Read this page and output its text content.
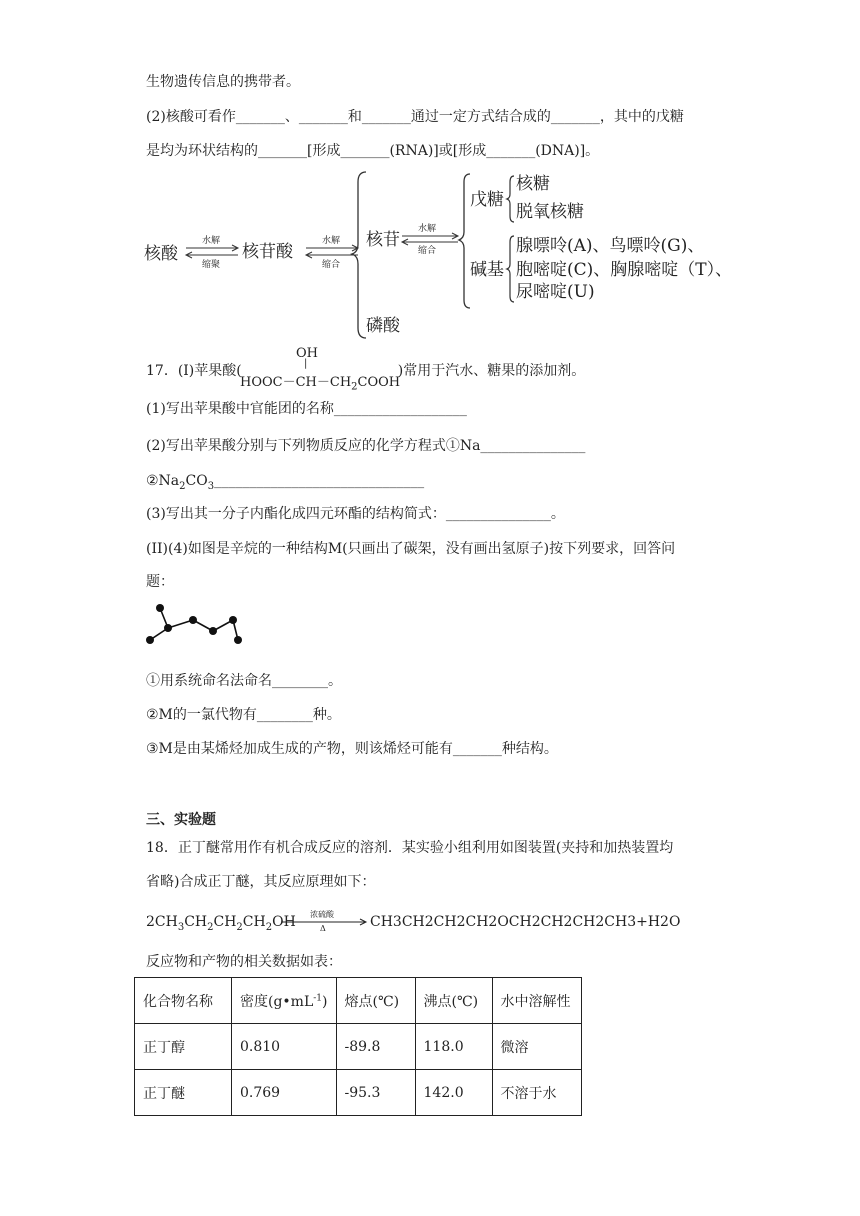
生物遗传信息的携带者。
(2)核酸可看作_______、_______和_______通过一定方式结合成的_______，其中的戊糖
是均为环状结构的_______[形成_______(RNA)]或[形成_______(DNA)]。
核酸
水解
缩聚
核苷酸
水解
缩合
核苷
水解
缩合
磷酸
戊糖
核糖
脱氧核糖
碱基
腺嘌呤(A)、鸟嘌呤(G)、
胞嘧啶(C)、胸腺嘧啶（T）、
尿嘧啶(U)
17．(I)苹果酸(	)常用于汽水、糖果的添加剂。
OH
|
$HOOC-CH-CH_2COOH$
(1)写出苹果酸中官能团的名称___________________
(2)写出苹果酸分别与下列物质反应的化学方程式①Na_______________
$②Na_2CO_3\_\_\_\_\_\_\_\_\_\_\_\_\_\_\_\_\_\_\_\_\_\_\_\_\_\_\_\_\_\_$
(3)写出其一分子内酯化成四元环酯的结构简式：_______________。
(II)(4)如图是辛烷的一种结构M(只画出了碳架，没有画出氢原子)按下列要求，回答问
题：
①用系统命名法命名________。
②M的一氯代物有________种。
③M是由某烯烃加成生成的产物，则该烯烃可能有_______种结构。
三、实验题
18．正丁醚常用作有机合成反应的溶剂．某实验小组利用如图装置(夹持和加热装置均
省略)合成正丁醚，其反应原理如下：
$2CH_3CH_2CH_2CH_2OH$ 浓硫酸
Δ	CH3CH2CH2CH2OCH2CH2CH2CH3+H2O
反应物和产物的相关数据如表：
化合物名称	密度$(g•mL^{-1})$	熔点(℃)	沸点(℃)	水中溶解性
正丁醇	0.810	-89.8	118.0	微溶
正丁醚	0.769	-95.3	142.0	不溶于水
